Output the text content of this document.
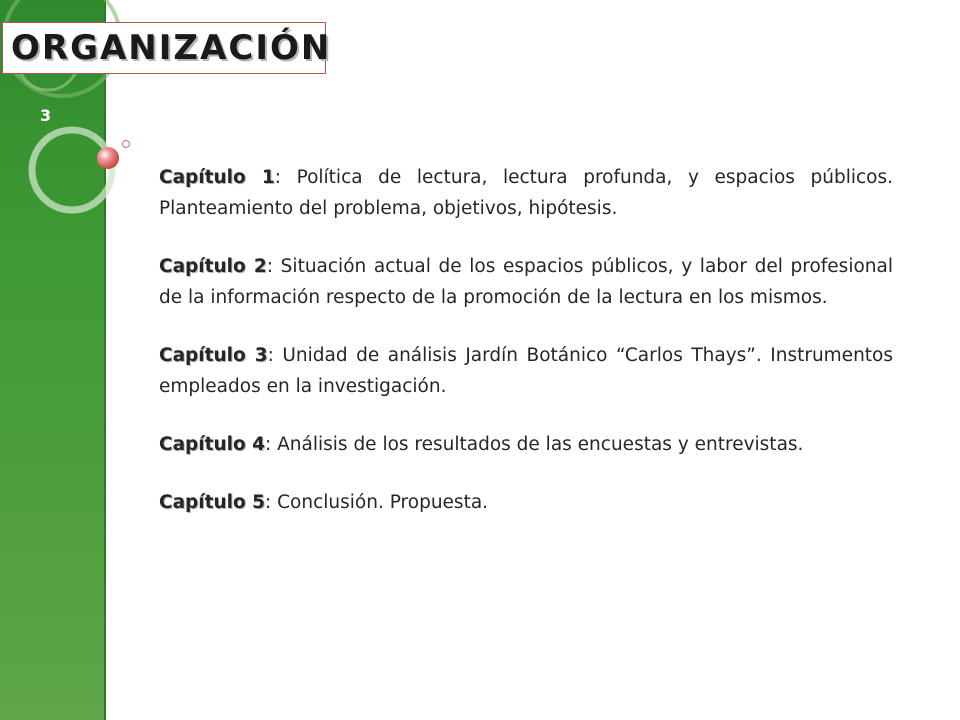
ORGANIZACIÓN
3

Capítulo 1: Política de lectura, lectura profunda, y espacios públicos. Planteamiento del problema, objetivos, hipótesis.

Capítulo 2: Situación actual de los espacios públicos, y labor del profesional de la información respecto de la promoción de la lectura en los mismos.

Capítulo 3: Unidad de análisis Jardín Botánico “Carlos Thays”. Instrumentos empleados en la investigación.

Capítulo 4: Análisis de los resultados de las encuestas y entrevistas.

Capítulo 5: Conclusión. Propuesta.
